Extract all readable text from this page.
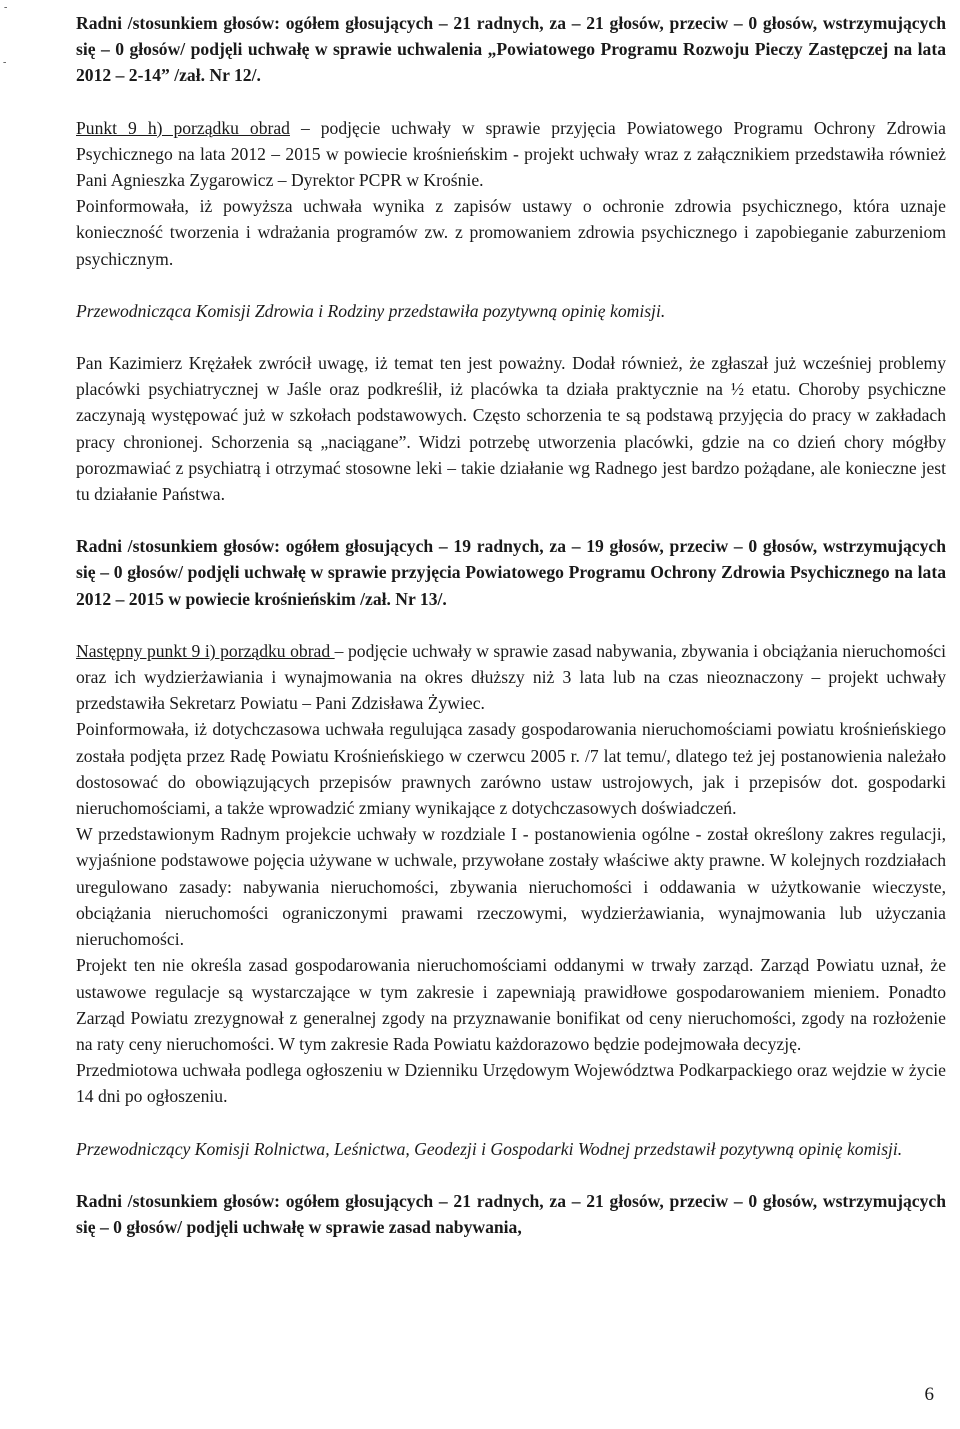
-
-

Radni /stosunkiem głosów: ogółem głosujących – 21 radnych, za – 21 głosów, przeciw – 0 głosów, wstrzymujących się – 0 głosów/ podjęli uchwałę w sprawie uchwalenia „Powiatowego Programu Rozwoju Pieczy Zastępczej na lata 2012 – 2-14” /zał. Nr 12/.

Punkt 9 h) porządku obrad – podjęcie uchwały w sprawie przyjęcia Powiatowego Programu Ochrony Zdrowia Psychicznego na lata 2012 – 2015 w powiecie krośnieńskim - projekt uchwały wraz z załącznikiem przedstawiła również Pani Agnieszka Zygarowicz – Dyrektor PCPR w Krośnie.

Poinformowała, iż powyższa uchwała wynika z zapisów ustawy o ochronie zdrowia psychicznego, która uznaje konieczność tworzenia i wdrażania programów zw. z promowaniem zdrowia psychicznego i zapobieganie zaburzeniom psychicznym.

Przewodnicząca Komisji Zdrowia i Rodziny przedstawiła pozytywną opinię komisji.

Pan Kazimierz Krężałek zwrócił uwagę, iż temat ten jest poważny. Dodał również, że zgłaszał już wcześniej problemy placówki psychiatrycznej w Jaśle oraz podkreślił, iż placówka ta działa praktycznie na ½ etatu. Choroby psychiczne zaczynają występować już w szkołach podstawowych. Często schorzenia te są podstawą przyjęcia do pracy w zakładach pracy chronionej. Schorzenia są „naciągane”. Widzi potrzebę utworzenia placówki, gdzie na co dzień chory mógłby porozmawiać z psychiatrą i otrzymać stosowne leki – takie działanie wg Radnego jest bardzo pożądane, ale konieczne jest tu działanie Państwa.

Radni /stosunkiem głosów: ogółem głosujących – 19 radnych, za – 19 głosów, przeciw – 0 głosów, wstrzymujących się – 0 głosów/ podjęli uchwałę w sprawie przyjęcia Powiatowego Programu Ochrony Zdrowia Psychicznego na lata 2012 – 2015 w powiecie krośnieńskim /zał. Nr 13/.

Następny punkt 9 i) porządku obrad – podjęcie uchwały w sprawie zasad nabywania, zbywania i obciążania nieruchomości oraz ich wydzierżawiania i wynajmowania na okres dłuższy niż 3 lata lub na czas nieoznaczony – projekt uchwały przedstawiła Sekretarz Powiatu – Pani Zdzisława Żywiec.

Poinformowała, iż dotychczasowa uchwała regulująca zasady gospodarowania nieruchomościami powiatu krośnieńskiego została podjęta przez Radę Powiatu Krośnieńskiego w czerwcu 2005 r. /7 lat temu/, dlatego też jej postanowienia należało dostosować do obowiązujących przepisów prawnych zarówno ustaw ustrojowych, jak i przepisów dot. gospodarki nieruchomościami, a także wprowadzić zmiany wynikające z dotychczasowych doświadczeń.

W przedstawionym Radnym projekcie uchwały w rozdziale I - postanowienia ogólne - został określony zakres regulacji, wyjaśnione podstawowe pojęcia używane w uchwale, przywołane zostały właściwe akty prawne. W kolejnych rozdziałach uregulowano zasady: nabywania nieruchomości, zbywania nieruchomości i oddawania w użytkowanie wieczyste, obciążania nieruchomości ograniczonymi prawami rzeczowymi, wydzierżawiania, wynajmowania lub użyczania nieruchomości.

Projekt ten nie określa zasad gospodarowania nieruchomościami oddanymi w trwały zarząd. Zarząd Powiatu uznał, że ustawowe regulacje są wystarczające w tym zakresie i zapewniają prawidłowe gospodarowaniem mieniem. Ponadto Zarząd Powiatu zrezygnował z generalnej zgody na przyznawanie bonifikat od ceny nieruchomości, zgody na rozłożenie na raty ceny nieruchomości. W tym zakresie Rada Powiatu każdorazowo będzie podejmowała decyzję.

Przedmiotowa uchwała podlega ogłoszeniu w Dzienniku Urzędowym Województwa Podkarpackiego oraz wejdzie w życie 14 dni po ogłoszeniu.

Przewodniczący Komisji Rolnictwa, Leśnictwa, Geodezji i Gospodarki Wodnej przedstawił pozytywną opinię komisji.

Radni /stosunkiem głosów: ogółem głosujących – 21 radnych, za – 21 głosów, przeciw – 0 głosów, wstrzymujących się – 0 głosów/ podjęli uchwałę w sprawie zasad nabywania,

6
